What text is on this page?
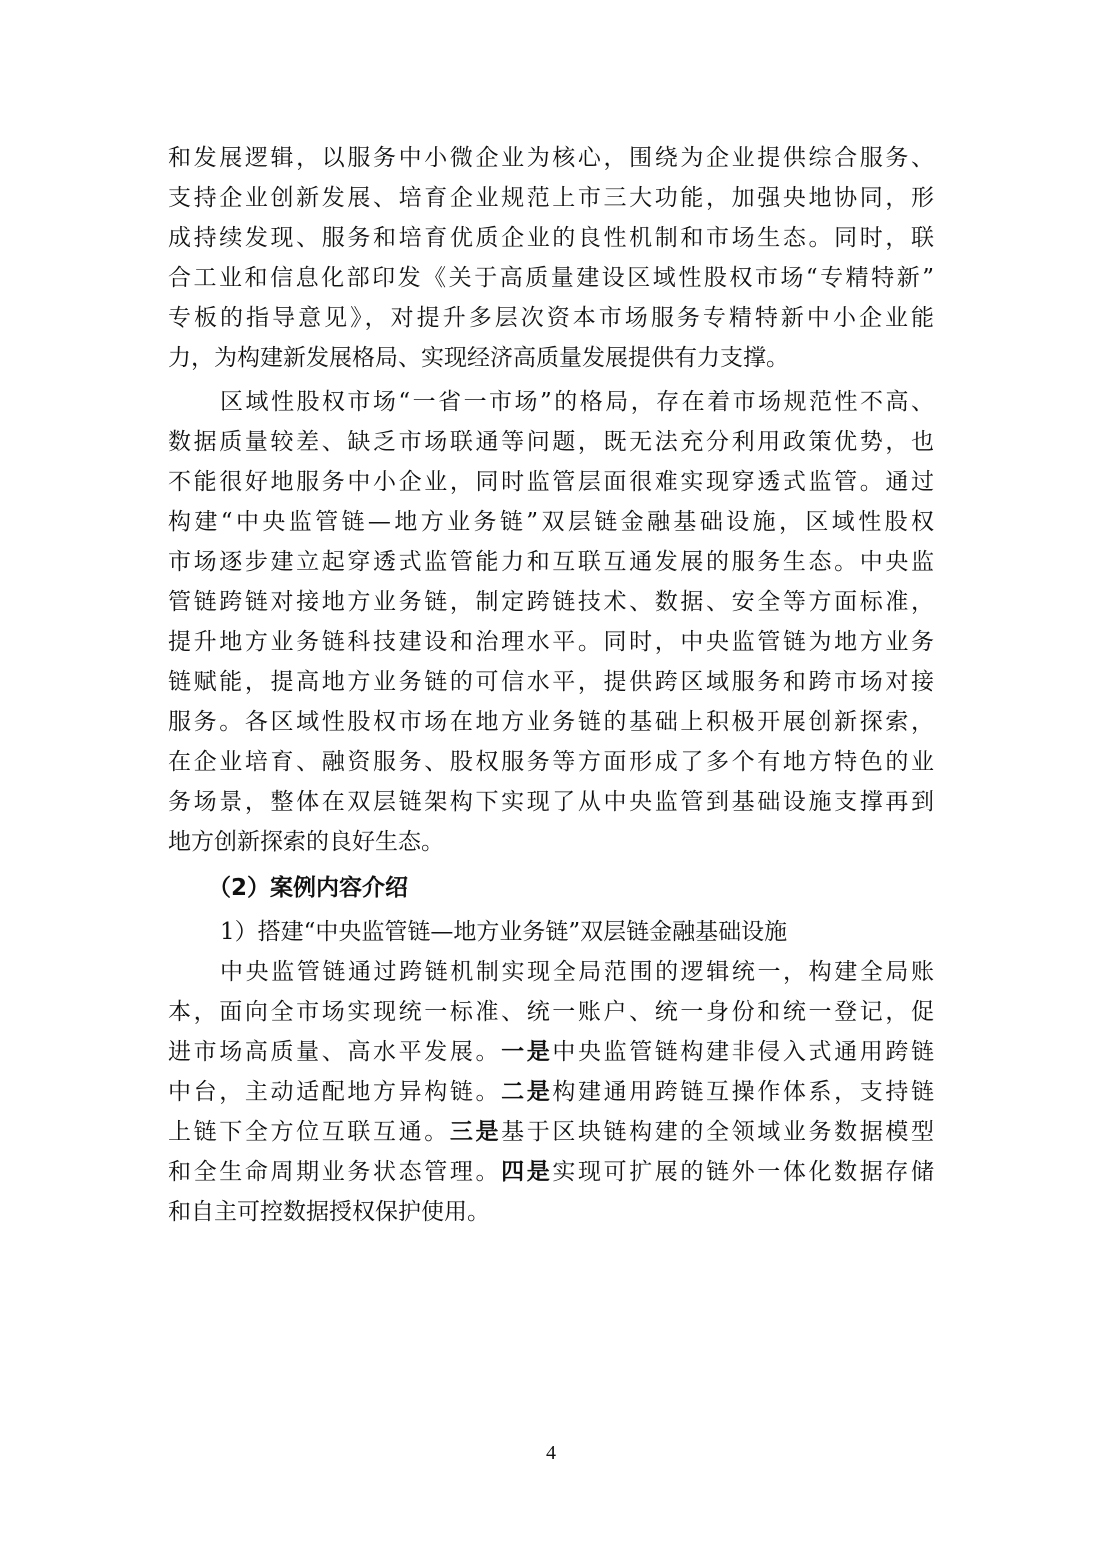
和发展逻辑，以服务中小微企业为核心，围绕为企业提供综合服务、
支持企业创新发展、培育企业规范上市三大功能，加强央地协同，形
成持续发现、服务和培育优质企业的良性机制和市场生态。同时，联
合工业和信息化部印发《关于高质量建设区域性股权市场“专精特新”
专板的指导意见》，对提升多层次资本市场服务专精特新中小企业能
力，为构建新发展格局、实现经济高质量发展提供有力支撑。
区域性股权市场“一省一市场”的格局，存在着市场规范性不高、
数据质量较差、缺乏市场联通等问题，既无法充分利用政策优势，也
不能很好地服务中小企业，同时监管层面很难实现穿透式监管。通过
构建“中央监管链—地方业务链”双层链金融基础设施，区域性股权
市场逐步建立起穿透式监管能力和互联互通发展的服务生态。中央监
管链跨链对接地方业务链，制定跨链技术、数据、安全等方面标准，
提升地方业务链科技建设和治理水平。同时，中央监管链为地方业务
链赋能，提高地方业务链的可信水平，提供跨区域服务和跨市场对接
服务。各区域性股权市场在地方业务链的基础上积极开展创新探索，
在企业培育、融资服务、股权服务等方面形成了多个有地方特色的业
务场景，整体在双层链架构下实现了从中央监管到基础设施支撑再到
地方创新探索的良好生态。
（2）案例内容介绍
1）搭建“中央监管链—地方业务链”双层链金融基础设施
中央监管链通过跨链机制实现全局范围的逻辑统一，构建全局账
本，面向全市场实现统一标准、统一账户、统一身份和统一登记，促
进市场高质量、高水平发展。一是中央监管链构建非侵入式通用跨链
中台，主动适配地方异构链。二是构建通用跨链互操作体系，支持链
上链下全方位互联互通。三是基于区块链构建的全领域业务数据模型
和全生命周期业务状态管理。四是实现可扩展的链外一体化数据存储
和自主可控数据授权保护使用。
4
